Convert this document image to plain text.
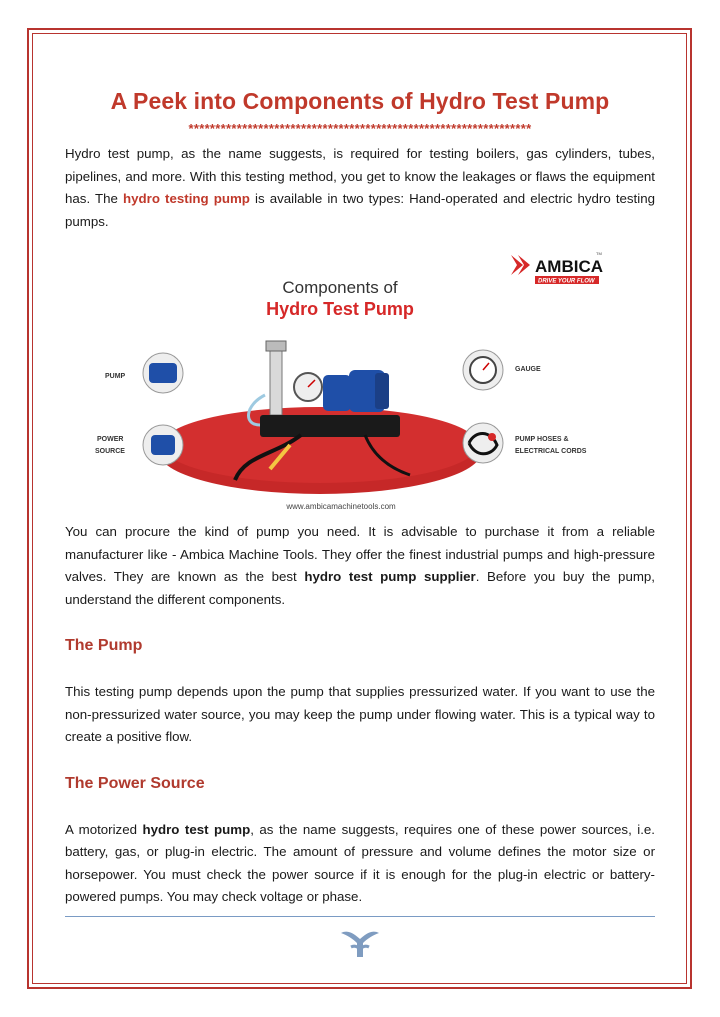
A Peek into Components of Hydro Test Pump
****************************************************************

Hydro test pump, as the name suggests, is required for testing boilers, gas cylinders, tubes, pipelines, and more. With this testing method, you get to know the leakages or flaws the equipment has. The hydro testing pump is available in two types: Hand-operated and electric hydro testing pumps.

AMBICA
TM
DRIVE YOUR FLOW
Components of
Hydro Test Pump
PUMP
POWER
SOURCE
GAUGE
PUMP HOSES &
ELECTRICAL CORDS
www.ambicamachinetools.com

You can procure the kind of pump you need. It is advisable to purchase it from a reliable manufacturer like - Ambica Machine Tools. They offer the finest industrial pumps and high-pressure valves. They are known as the best hydro test pump supplier. Before you buy the pump, understand the different components.

The Pump

This testing pump depends upon the pump that supplies pressurized water. If you want to use the non-pressurized water source, you may keep the pump under flowing water. This is a typical way to create a positive flow.

The Power Source

A motorized hydro test pump, as the name suggests, requires one of these power sources, i.e. battery, gas, or plug-in electric. The amount of pressure and volume defines the motor size or horsepower. You must check the power source if it is enough for the plug-in electric or battery-powered pumps. You may check voltage or phase.
